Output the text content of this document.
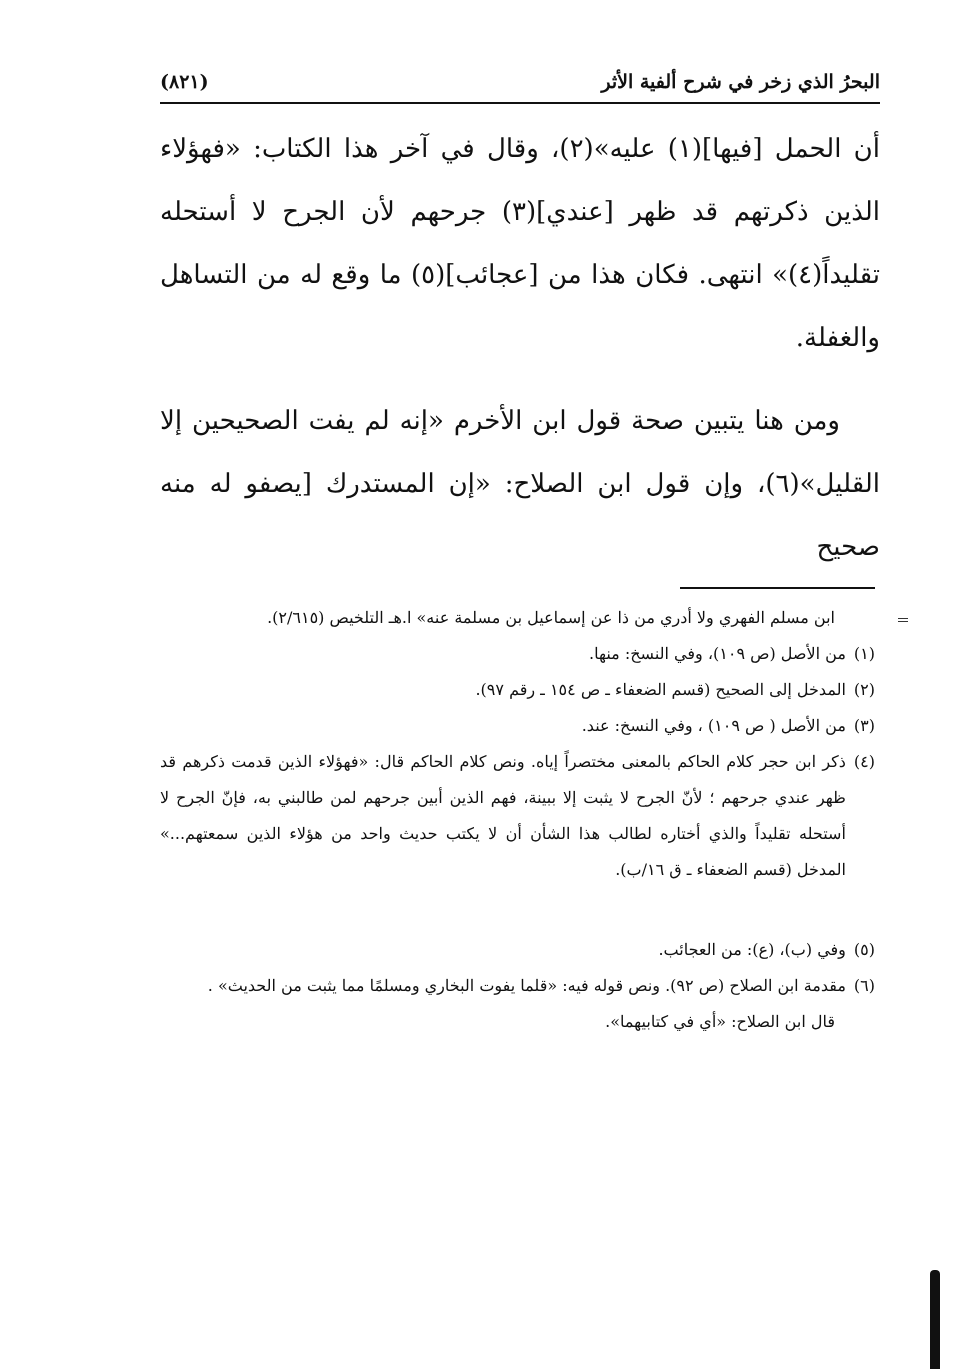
البحرُ الذي زخر في شرح ألفية الأثر
(٨٢١)

أن الحمل [فيها](١) عليه»(٢)، وقال في آخر هذا الكتاب: «فهؤلاء الذين ذكرتهم قد ظهر [عندي](٣) جرحهم لأن الجرح لا أستحله تقليداً(٤)» انتهى. فكان هذا من [عجائب](٥) ما وقع له من التساهل والغفلة.

ومن هنا يتبين صحة قول ابن الأخرم «إنه لم يفت الصحيحين إلا القليل»(٦)، وإن قول ابن الصلاح: «إن المستدرك [يصفو له منه صحيح

ابن مسلم الفهري ولا أدري من ذا عن إسماعيل بن مسلمة عنه» ا.هـ التلخيص (٢/٦١٥).

(١)
من الأصل (ص ١٠٩)، وفي النسخ: منها.
(٢)
المدخل إلى الصحيح (قسم الضعفاء ـ ص ١٥٤ ـ رقم ٩٧).
(٣)
من الأصل ( ص ١٠٩) ، وفي النسخ: عند.
(٤)
ذكر ابن حجر كلام الحاكم بالمعنى مختصراً إياه. ونص كلام الحاكم قال: «فهؤلاء الذين قدمت ذكرهم قد ظهر عندي جرحهم ؛ لأنّ الجرح لا يثبت إلا ببينة، فهم الذين أبين جرحهم لمن طالبني به، فإنّ الجرح لا أستحله تقليداً والذي أختاره لطالب هذا الشأن أن لا يكتب حديث واحد من هؤلاء الذين سمعتهم...» المدخل (قسم الضعفاء ـ ق ١٦/ب).
(٥)
وفي (ب)، (ع): من العجائب.
(٦)
مقدمة ابن الصلاح (ص ٩٢). ونص قوله فيه: «قلما يفوت البخاري ومسلمًا مما يثبت من الحديث» .

قال ابن الصلاح: «أي في كتابيهما».
